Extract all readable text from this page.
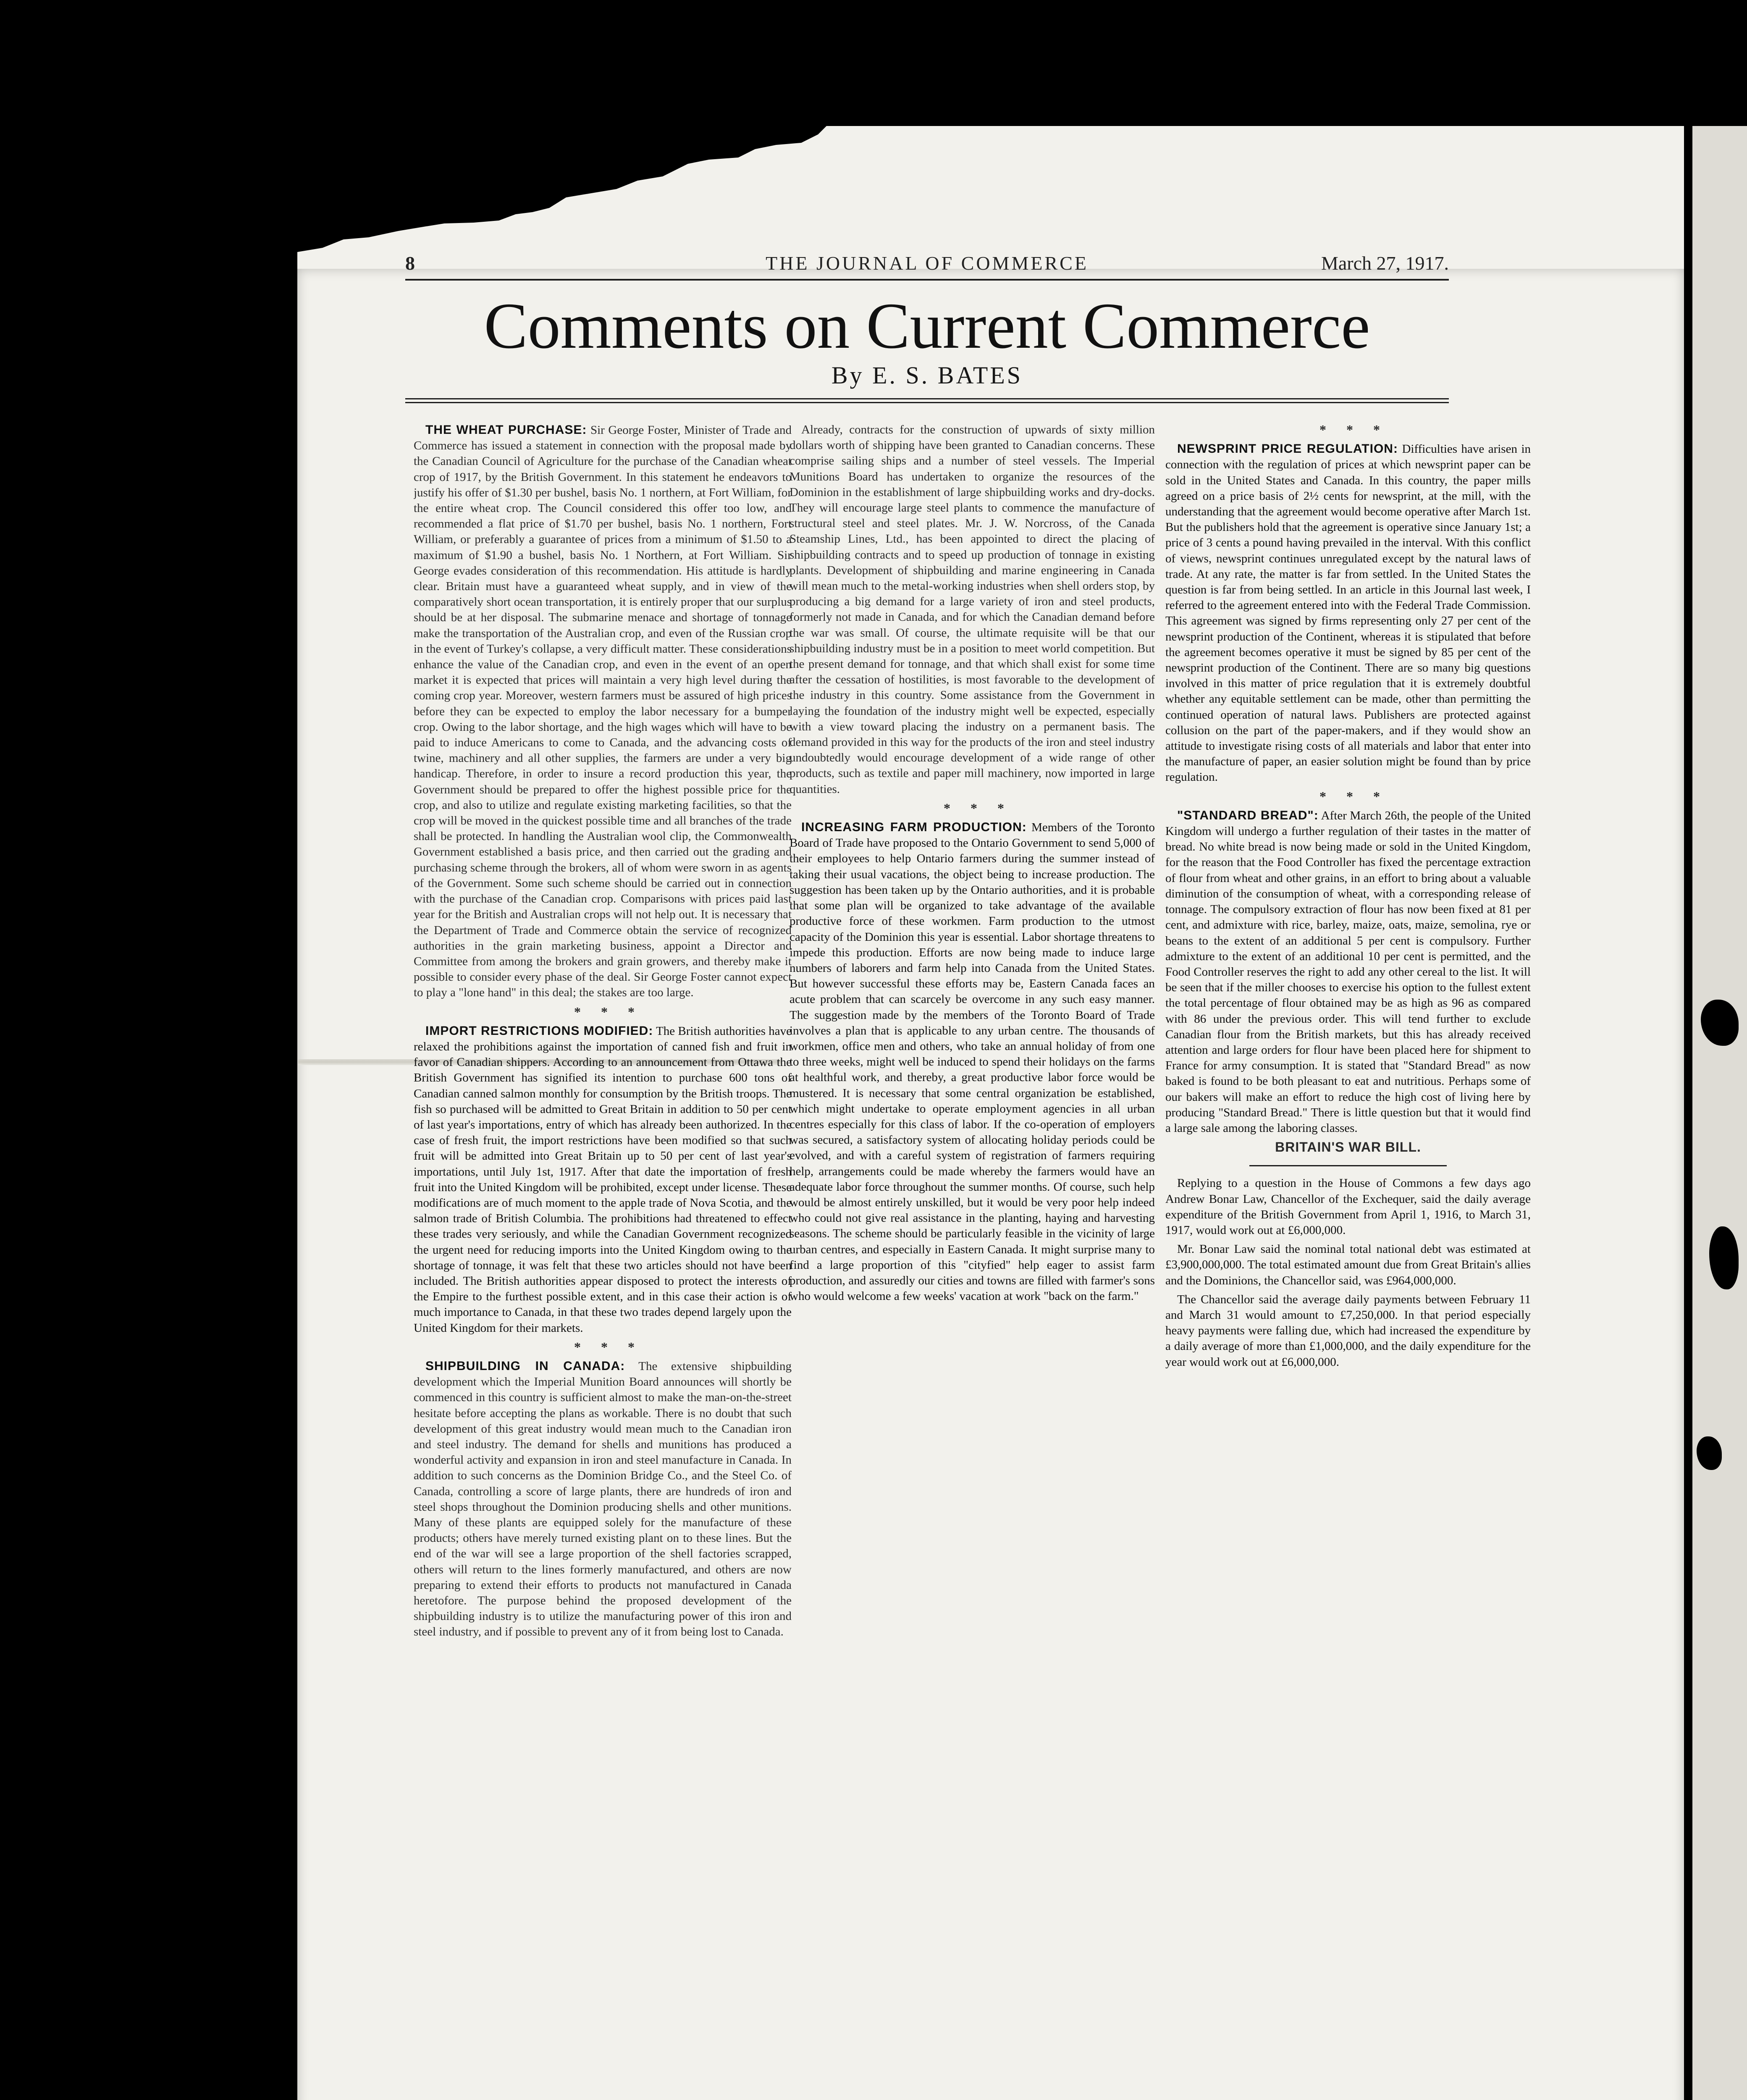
8	THE JOURNAL OF COMMERCE	March 27, 1917.
Comments on Current Commerce
By E. S. BATES

THE WHEAT PURCHASE: Sir George Foster, Minister of Trade and Commerce has issued a statement in connection with the proposal made by the Canadian Council of Agriculture for the purchase of the Canadian wheat crop of 1917, by the British Government. In this statement he endeavors to justify his offer of $1.30 per bushel, basis No. 1 northern, at Fort William, for the entire wheat crop. The Council considered this offer too low, and recommended a flat price of $1.70 per bushel, basis No. 1 northern, Fort William, or preferably a guarantee of prices from a minimum of $1.50 to a maximum of $1.90 a bushel, basis No. 1 Northern, at Fort William. Sir George evades consideration of this recommendation. His attitude is hardly clear. Britain must have a guaranteed wheat supply, and in view of the comparatively short ocean transportation, it is entirely proper that our surplus should be at her disposal. The submarine menace and shortage of tonnage make the transportation of the Australian crop, and even of the Russian crop in the event of Turkey's collapse, a very difficult matter. These considerations enhance the value of the Canadian crop, and even in the event of an open market it is expected that prices will maintain a very high level during the coming crop year. Moreover, western farmers must be assured of high prices before they can be expected to employ the labor necessary for a bumper crop. Owing to the labor shortage, and the high wages which will have to be paid to induce Americans to come to Canada, and the advancing costs of twine, machinery and all other supplies, the farmers are under a very big handicap. Therefore, in order to insure a record production this year, the Government should be prepared to offer the highest possible price for the crop, and also to utilize and regulate existing marketing facilities, so that the crop will be moved in the quickest possible time and all branches of the trade shall be protected. In handling the Australian wool clip, the Commonwealth Government established a basis price, and then carried out the grading and purchasing scheme through the brokers, all of whom were sworn in as agents of the Government. Some such scheme should be carried out in connection with the purchase of the Canadian crop. Comparisons with prices paid last year for the British and Australian crops will not help out. It is necessary that the Department of Trade and Commerce obtain the service of recognized authorities in the grain marketing business, appoint a Director and Committee from among the brokers and grain growers, and thereby make it possible to consider every phase of the deal. Sir George Foster cannot expect to play a "lone hand" in this deal; the stakes are too large.

* * *

IMPORT RESTRICTIONS MODIFIED: The British authorities have relaxed the prohibitions against the importation of canned fish and fruit in favor of Canadian shippers. According to an announcement from Ottawa the British Government has signified its intention to purchase 600 tons of Canadian canned salmon monthly for consumption by the British troops. The fish so purchased will be admitted to Great Britain in addition to 50 per cent of last year's importations, entry of which has already been authorized. In the case of fresh fruit, the import restrictions have been modified so that such fruit will be admitted into Great Britain up to 50 per cent of last year's importations, until July 1st, 1917. After that date the importation of fresh fruit into the United Kingdom will be prohibited, except under license. These modifications are of much moment to the apple trade of Nova Scotia, and the salmon trade of British Columbia. The prohibitions had threatened to effect these trades very seriously, and while the Canadian Government recognized the urgent need for reducing imports into the United Kingdom owing to the shortage of tonnage, it was felt that these two articles should not have been included. The British authorities appear disposed to protect the interests of the Empire to the furthest possible extent, and in this case their action is of much importance to Canada, in that these two trades depend largely upon the United Kingdom for their markets.

* * *

SHIPBUILDING IN CANADA: The extensive shipbuilding development which the Imperial Munition Board announces will shortly be commenced in this country is sufficient almost to make the man-on-the-street hesitate before accepting the plans as workable. There is no doubt that such development of this great industry would mean much to the Canadian iron and steel industry. The demand for shells and munitions has produced a wonderful activity and expansion in iron and steel manufacture in Canada. In addition to such concerns as the Dominion Bridge Co., and the Steel Co. of Canada, controlling a score of large plants, there are hundreds of iron and steel shops throughout the Dominion producing shells and other munitions. Many of these plants are equipped solely for the manufacture of these products; others have merely turned existing plant on to these lines. But the end of the war will see a large proportion of the shell factories scrapped, others will return to the lines formerly manufactured, and others are now preparing to extend their efforts to products not manufactured in Canada heretofore. The purpose behind the proposed development of the shipbuilding industry is to utilize the manufacturing power of this iron and steel industry, and if possible to prevent any of it from being lost to Canada.

Already, contracts for the construction of upwards of sixty million dollars worth of shipping have been granted to Canadian concerns. These comprise sailing ships and a number of steel vessels. The Imperial Munitions Board has undertaken to organize the resources of the Dominion in the establishment of large shipbuilding works and dry-docks. They will encourage large steel plants to commence the manufacture of structural steel and steel plates. Mr. J. W. Norcross, of the Canada Steamship Lines, Ltd., has been appointed to direct the placing of shipbuilding contracts and to speed up production of tonnage in existing plants. Development of shipbuilding and marine engineering in Canada will mean much to the metal-working industries when shell orders stop, by producing a big demand for a large variety of iron and steel products, formerly not made in Canada, and for which the Canadian demand before the war was small. Of course, the ultimate requisite will be that our shipbuilding industry must be in a position to meet world competition. But the present demand for tonnage, and that which shall exist for some time after the cessation of hostilities, is most favorable to the development of the industry in this country. Some assistance from the Government in laying the foundation of the industry might well be expected, especially with a view toward placing the industry on a permanent basis. The demand provided in this way for the products of the iron and steel industry undoubtedly would encourage development of a wide range of other products, such as textile and paper mill machinery, now imported in large quantities.

* * *

INCREASING FARM PRODUCTION: Members of the Toronto Board of Trade have proposed to the Ontario Government to send 5,000 of their employees to help Ontario farmers during the summer instead of taking their usual vacations, the object being to increase production. The suggestion has been taken up by the Ontario authorities, and it is probable that some plan will be organized to take advantage of the available productive force of these workmen. Farm production to the utmost capacity of the Dominion this year is essential. Labor shortage threatens to impede this production. Efforts are now being made to induce large numbers of laborers and farm help into Canada from the United States. But however successful these efforts may be, Eastern Canada faces an acute problem that can scarcely be overcome in any such easy manner. The suggestion made by the members of the Toronto Board of Trade involves a plan that is applicable to any urban centre. The thousands of workmen, office men and others, who take an annual holiday of from one to three weeks, might well be induced to spend their holidays on the farms at healthful work, and thereby, a great productive labor force would be mustered. It is necessary that some central organization be established, which might undertake to operate employment agencies in all urban centres especially for this class of labor. If the co-operation of employers was secured, a satisfactory system of allocating holiday periods could be evolved, and with a careful system of registration of farmers requiring help, arrangements could be made whereby the farmers would have an adequate labor force throughout the summer months. Of course, such help would be almost entirely unskilled, but it would be very poor help indeed who could not give real assistance in the planting, haying and harvesting seasons. The scheme should be particularly feasible in the vicinity of large urban centres, and especially in Eastern Canada. It might surprise many to find a large proportion of this "cityfied" help eager to assist farm production, and assuredly our cities and towns are filled with farmer's sons who would welcome a few weeks' vacation at work "back on the farm."

* * *

NEWSPRINT PRICE REGULATION: Difficulties have arisen in connection with the regulation of prices at which newsprint paper can be sold in the United States and Canada. In this country, the paper mills agreed on a price basis of 2½ cents for newsprint, at the mill, with the understanding that the agreement would become operative after March 1st. But the publishers hold that the agreement is operative since January 1st; a price of 3 cents a pound having prevailed in the interval. With this conflict of views, newsprint continues unregulated except by the natural laws of trade. At any rate, the matter is far from settled. In the United States the question is far from being settled. In an article in this Journal last week, I referred to the agreement entered into with the Federal Trade Commission. This agreement was signed by firms representing only 27 per cent of the newsprint production of the Continent, whereas it is stipulated that before the agreement becomes operative it must be signed by 85 per cent of the newsprint production of the Continent. There are so many big questions involved in this matter of price regulation that it is extremely doubtful whether any equitable settlement can be made, other than permitting the continued operation of natural laws. Publishers are protected against collusion on the part of the paper-makers, and if they would show an attitude to investigate rising costs of all materials and labor that enter into the manufacture of paper, an easier solution might be found than by price regulation.

* * *

"STANDARD BREAD": After March 26th, the people of the United Kingdom will undergo a further regulation of their tastes in the matter of bread. No white bread is now being made or sold in the United Kingdom, for the reason that the Food Controller has fixed the percentage extraction of flour from wheat and other grains, in an effort to bring about a valuable diminution of the consumption of wheat, with a corresponding release of tonnage. The compulsory extraction of flour has now been fixed at 81 per cent, and admixture with rice, barley, maize, oats, maize, semolina, rye or beans to the extent of an additional 5 per cent is compulsory. Further admixture to the extent of an additional 10 per cent is permitted, and the Food Controller reserves the right to add any other cereal to the list. It will be seen that if the miller chooses to exercise his option to the fullest extent the total percentage of flour obtained may be as high as 96 as compared with 86 under the previous order. This will tend further to exclude Canadian flour from the British markets, but this has already received attention and large orders for flour have been placed here for shipment to France for army consumption. It is stated that "Standard Bread" as now baked is found to be both pleasant to eat and nutritious. Perhaps some of our bakers will make an effort to reduce the high cost of living here by producing "Standard Bread." There is little question but that it would find a large sale among the laboring classes.

BRITAIN'S WAR BILL.

Replying to a question in the House of Commons a few days ago Andrew Bonar Law, Chancellor of the Exchequer, said the daily average expenditure of the British Government from April 1, 1916, to March 31, 1917, would work out at £6,000,000.

Mr. Bonar Law said the nominal total national debt was estimated at £3,900,000,000. The total estimated amount due from Great Britain's allies and the Dominions, the Chancellor said, was £964,000,000.

The Chancellor said the average daily payments between February 11 and March 31 would amount to £7,250,000. In that period especially heavy payments were falling due, which had increased the expenditure by a daily average of more than £1,000,000, and the daily expenditure for the year would work out at £6,000,000.
